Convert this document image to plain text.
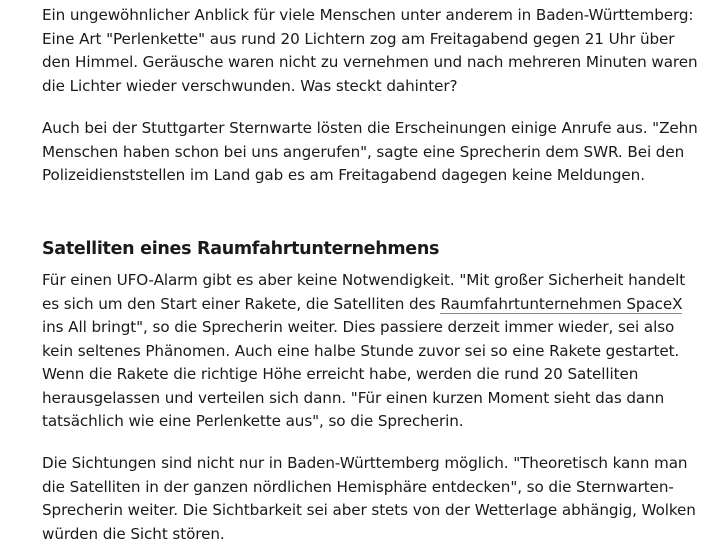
Ein ungewöhnlicher Anblick für viele Menschen unter anderem in Baden-Württemberg: Eine Art "Perlenkette" aus rund 20 Lichtern zog am Freitagabend gegen 21 Uhr über den Himmel. Geräusche waren nicht zu vernehmen und nach mehreren Minuten waren die Lichter wieder verschwunden. Was steckt dahinter?

Auch bei der Stuttgarter Sternwarte lösten die Erscheinungen einige Anrufe aus. "Zehn Menschen haben schon bei uns angerufen", sagte eine Sprecherin dem SWR. Bei den Polizeidienststellen im Land gab es am Freitagabend dagegen keine Meldungen.

Satelliten eines Raumfahrtunternehmens

Für einen UFO-Alarm gibt es aber keine Notwendigkeit. "Mit großer Sicherheit handelt es sich um den Start einer Rakete, die Satelliten des Raumfahrtunternehmen SpaceX ins All bringt", so die Sprecherin weiter. Dies passiere derzeit immer wieder, sei also kein seltenes Phänomen. Auch eine halbe Stunde zuvor sei so eine Rakete gestartet. Wenn die Rakete die richtige Höhe erreicht habe, werden die rund 20 Satelliten herausgelassen und verteilen sich dann. "Für einen kurzen Moment sieht das dann tatsächlich wie eine Perlenkette aus", so die Sprecherin.

Die Sichtungen sind nicht nur in Baden-Württemberg möglich. "Theoretisch kann man die Satelliten in der ganzen nördlichen Hemisphäre entdecken", so die Sternwarten-Sprecherin weiter. Die Sichtbarkeit sei aber stets von der Wetterlage abhängig, Wolken würden die Sicht stören.
